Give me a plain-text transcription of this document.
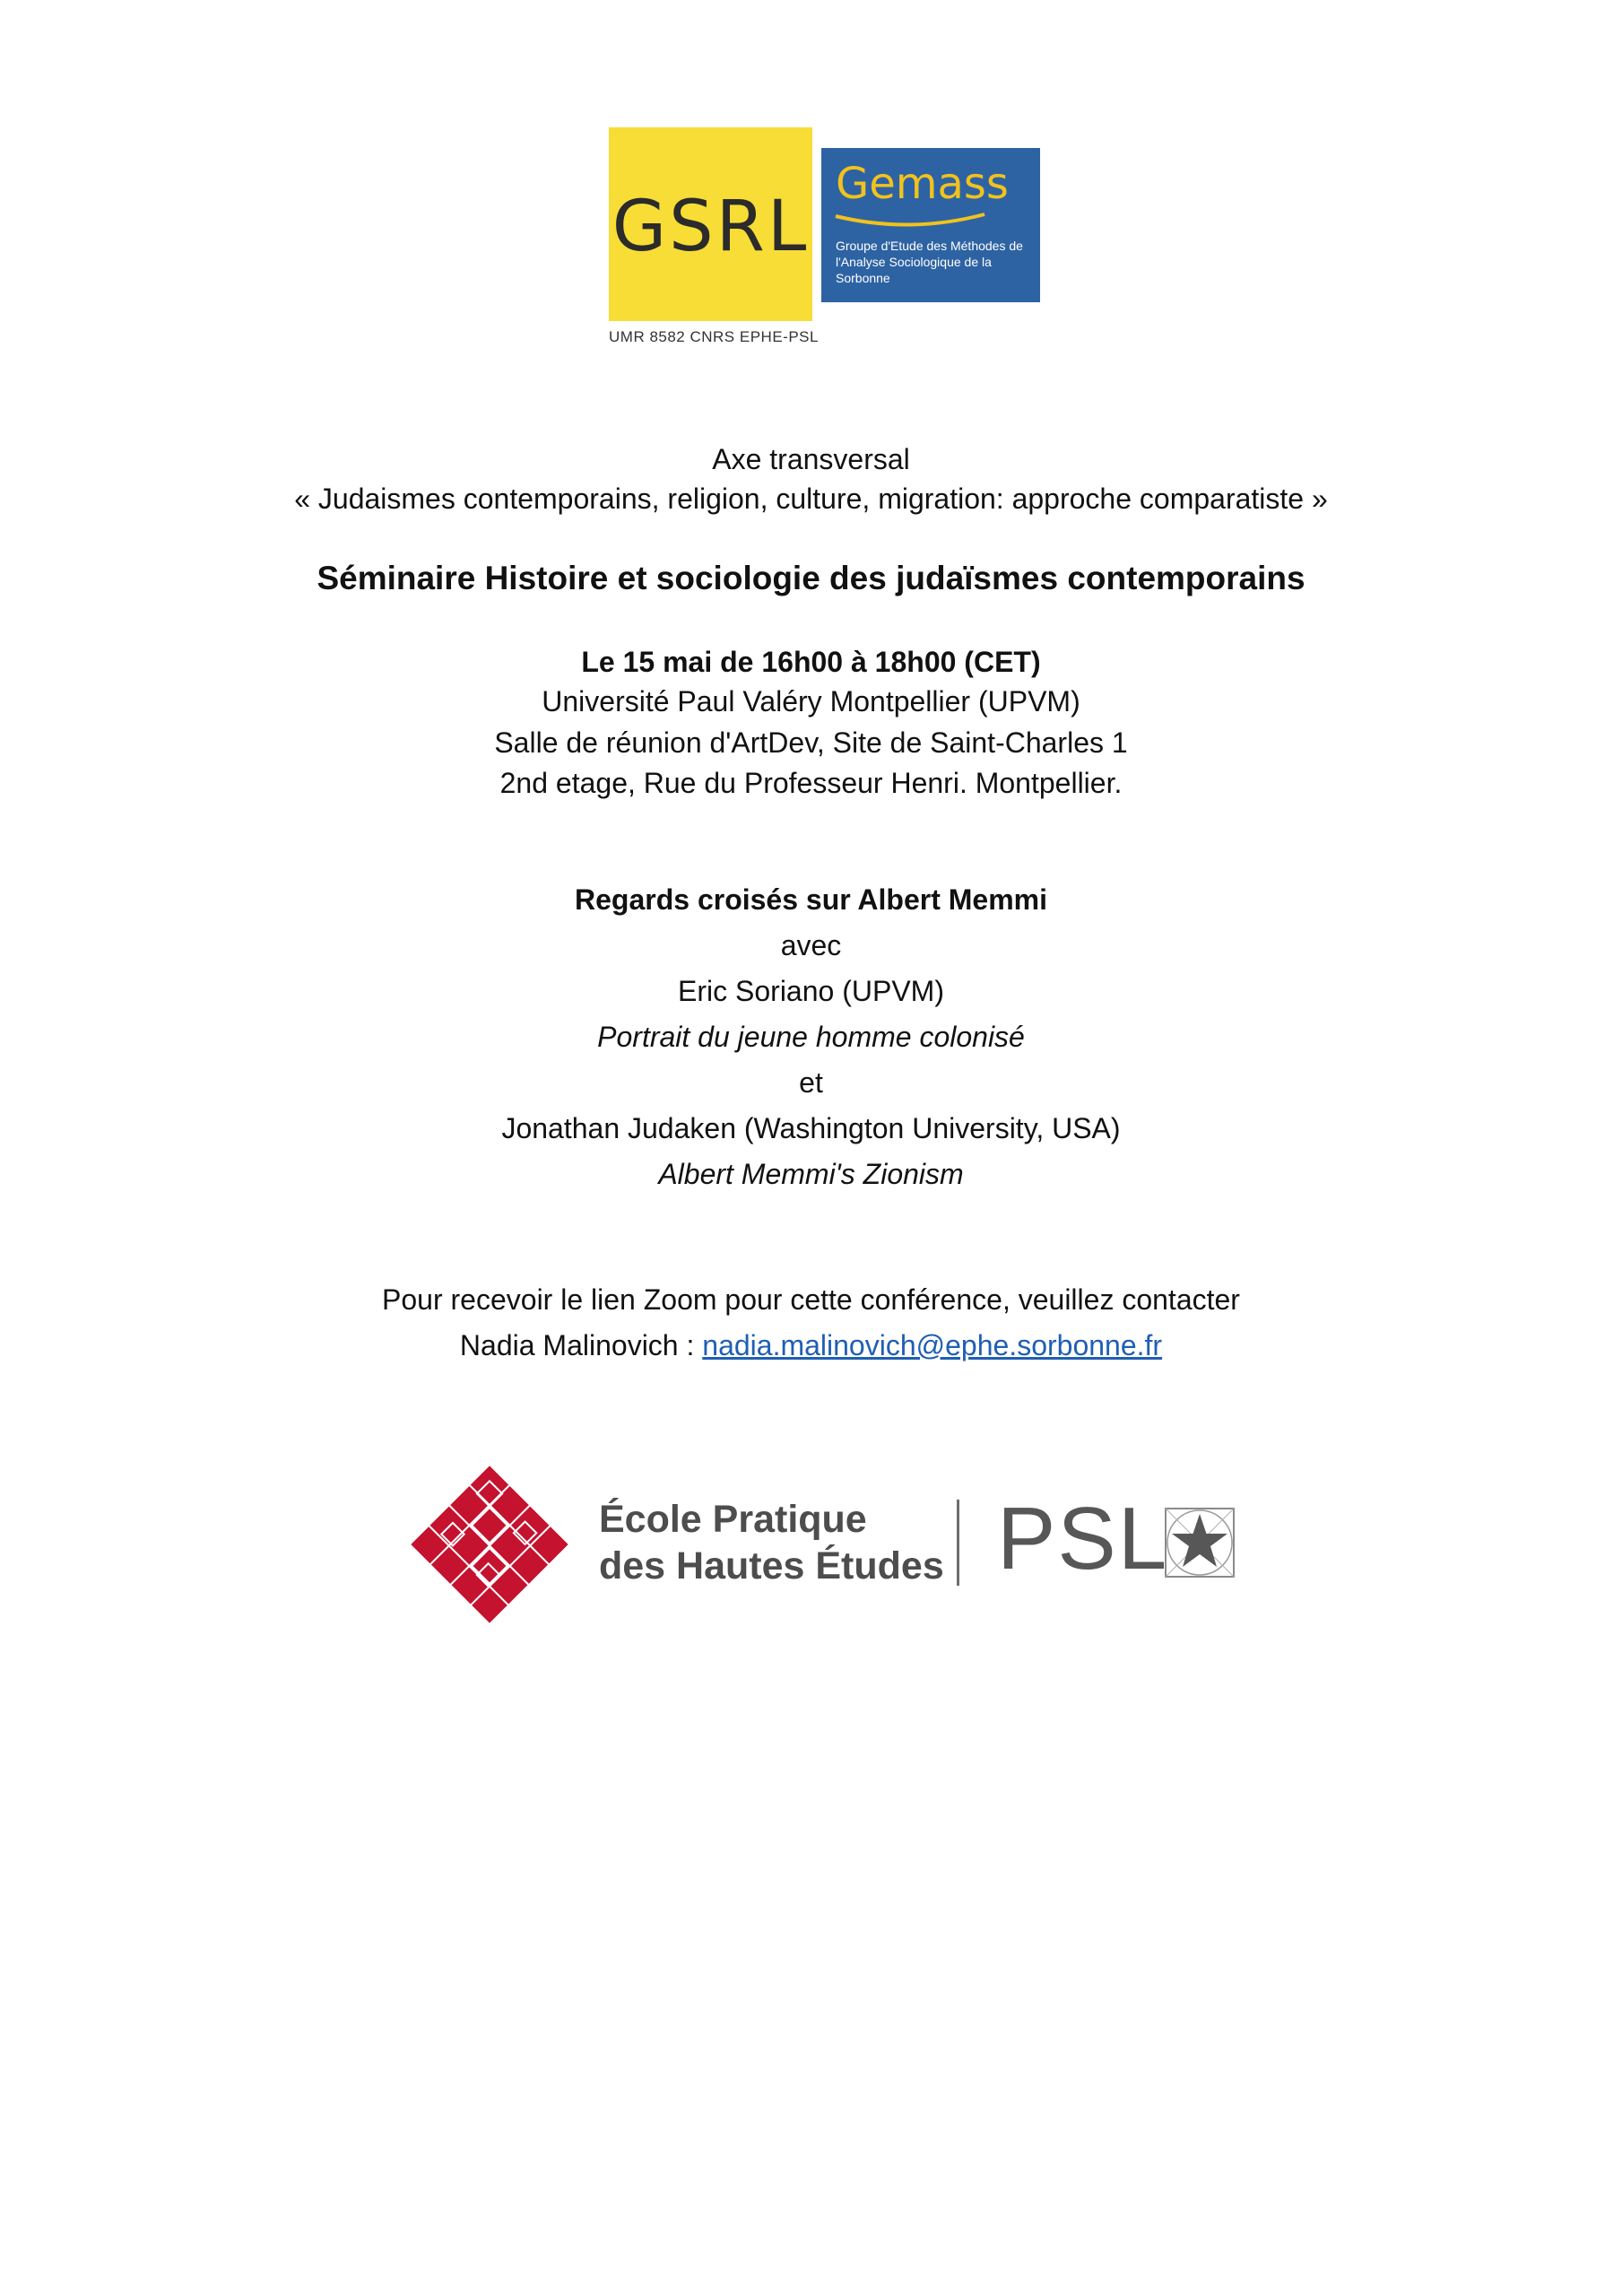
GSRL
UMR 8582 CNRS EPHE-PSL
Gemass
Groupe d'Etude des Méthodes de l'Analyse Sociologique de la Sorbonne
Axe transversal
« Judaismes contemporains, religion, culture, migration: approche comparatiste »
Séminaire Histoire et sociologie des judaïsmes contemporains
Le 15 mai de 16h00 à 18h00 (CET)
Université Paul Valéry Montpellier (UPVM)
Salle de réunion d'ArtDev, Site de Saint-Charles 1
2nd etage, Rue du Professeur Henri. Montpellier.
Regards croisés sur Albert Memmi
avec
Eric Soriano (UPVM)
Portrait du jeune homme colonisé
et
Jonathan Judaken (Washington University, USA)
Albert Memmi's Zionism
Pour recevoir le lien Zoom pour cette conférence, veuillez contacter
Nadia Malinovich : nadia.malinovich@ephe.sorbonne.fr
École Pratique
des Hautes Études PSL
